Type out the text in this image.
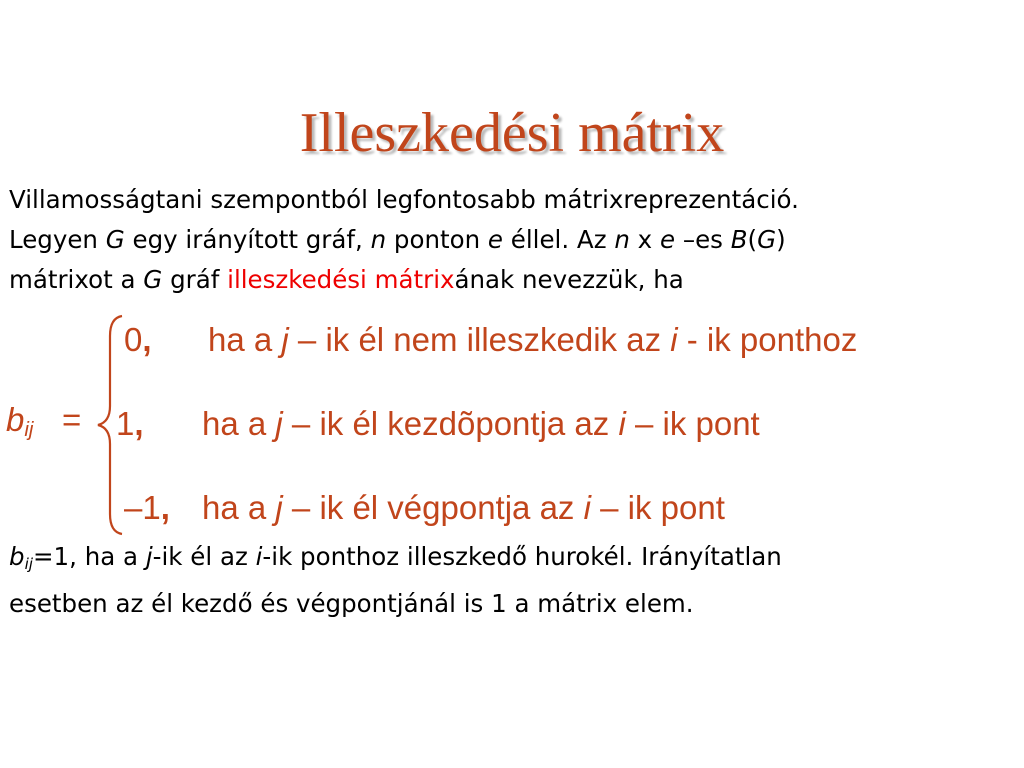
Illeszkedési mátrix
Villamosságtani szempontból legfontosabb mátrixreprezentáció.
Legyen G egy irányított gráf, n ponton e éllel. Az n x e –es B(G)
mátrixot a G gráf illeszkedési mátrixának nevezzük, ha
$b_{ij}$ =
0, ha a j – ik él nem illeszkedik az i - ik ponthoz
1, ha a j – ik él kezdõpontja az i – ik pont
–1, ha a j – ik él végpontja az i – ik pont
$b_{ij}=1$, ha a j-ik él az i-ik ponthoz illeszkedő hurokél. Irányítatlan
esetben az él kezdő és végpontjánál is 1 a mátrix elem.
